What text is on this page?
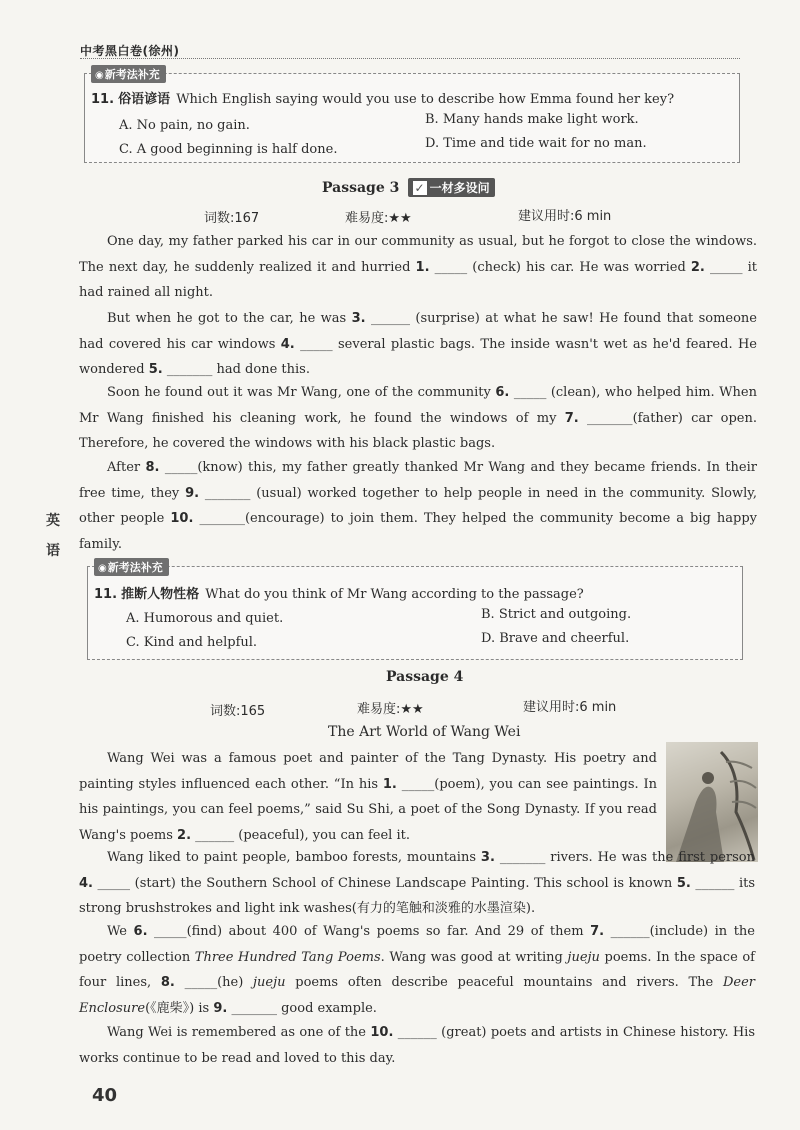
中考黑白卷(徐州)
◉新考法补充
11. 俗语谚语 Which English saying would you use to describe how Emma found her key?
A. No pain, no gain.	B. Many hands make light work.
C. A good beginning is half done.	D. Time and tide wait for no man.
Passage 3 ✓ 一材多设问
词数:167	难易度:★★	建议用时:6 min
One day, my father parked his car in our community as usual, but he forgot to close the windows. The next day, he suddenly realized it and hurried 1. _____ (check) his car. He was worried 2. _____ it had rained all night.
But when he got to the car, he was 3. ______ (surprise) at what he saw! He found that someone had covered his car windows 4. _____ several plastic bags. The inside wasn't wet as he'd feared. He wondered 5. _______ had done this.
Soon he found out it was Mr Wang, one of the community 6. _____ (clean), who helped him. When Mr Wang finished his cleaning work, he found the windows of my 7. _______(father) car open. Therefore, he covered the windows with his black plastic bags.
After 8. _____(know) this, my father greatly thanked Mr Wang and they became friends. In their free time, they 9. _______ (usual) worked together to help people in need in the community. Slowly, other people 10. _______(encourage) to join them. They helped the community become a big happy family.
英
语
◉新考法补充
11. 推断人物性格 What do you think of Mr Wang according to the passage?
A. Humorous and quiet.	B. Strict and outgoing.
C. Kind and helpful.	D. Brave and cheerful.
Passage 4
词数:165	难易度:★★	建议用时:6 min
The Art World of Wang Wei
Wang Wei was a famous poet and painter of the Tang Dynasty. His poetry and painting styles influenced each other. “In his 1. _____(poem), you can see paintings. In his paintings, you can feel poems,” said Su Shi, a poet of the Song Dynasty. If you read Wang's poems 2. ______ (peaceful), you can feel it.
Wang liked to paint people, bamboo forests, mountains 3. _______ rivers. He was the first person 4. _____ (start) the Southern School of Chinese Landscape Painting. This school is known 5. ______ its strong brushstrokes and light ink washes(有力的笔触和淡雅的水墨渲染).
We 6. _____(find) about 400 of Wang's poems so far. And 29 of them 7. ______(include) in the poetry collection Three Hundred Tang Poems. Wang was good at writing jueju poems. In the space of four lines, 8. _____(he) jueju poems often describe peaceful mountains and rivers. The Deer Enclosure(《鹿柴》) is 9. _______ good example.
Wang Wei is remembered as one of the 10. ______ (great) poets and artists in Chinese history. His works continue to be read and loved to this day.
40
